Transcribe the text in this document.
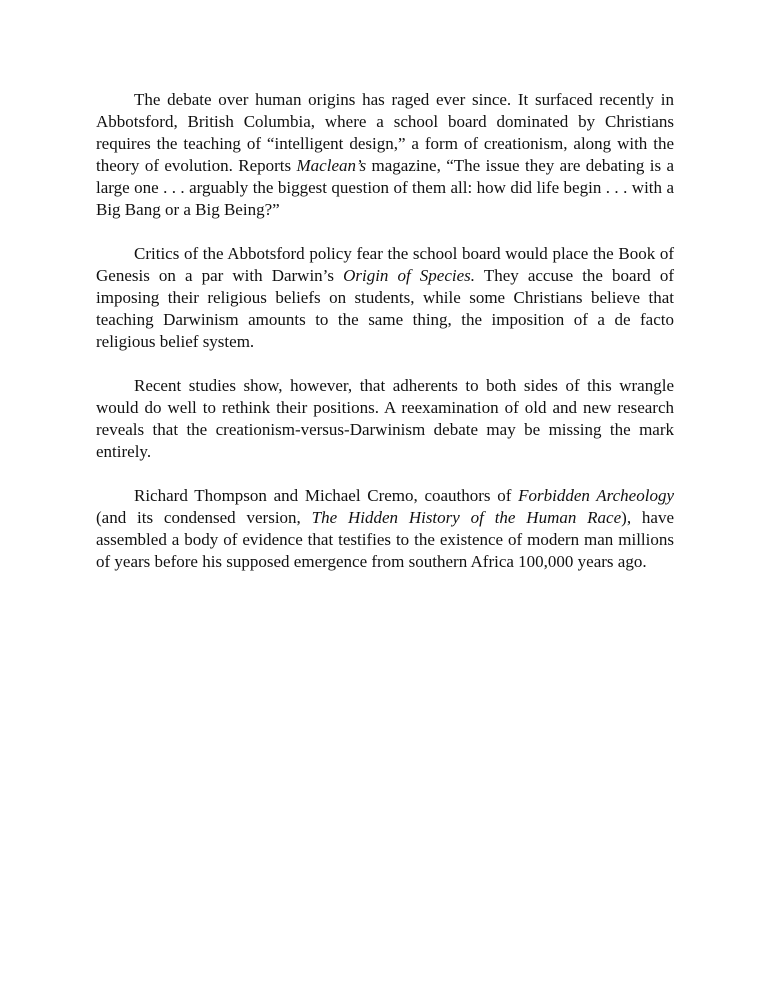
The debate over human origins has raged ever since. It surfaced recently in Abbotsford, British Columbia, where a school board dominated by Christians requires the teaching of “intelligent design,” a form of creationism, along with the theory of evolution. Reports Maclean’s magazine, “The issue they are debating is a large one . . . arguably the biggest question of them all: how did life begin . . . with a Big Bang or a Big Being?”

Critics of the Abbotsford policy fear the school board would place the Book of Genesis on a par with Darwin’s Origin of Species. They accuse the board of imposing their religious beliefs on students, while some Christians believe that teaching Darwinism amounts to the same thing, the imposition of a de facto religious belief system.

Recent studies show, however, that adherents to both sides of this wrangle would do well to rethink their positions. A reexamination of old and new research reveals that the creationism-versus-Darwinism debate may be missing the mark entirely.

Richard Thompson and Michael Cremo, coauthors of Forbidden Archeology (and its condensed version, The Hidden History of the Human Race), have assembled a body of evidence that testifies to the existence of modern man millions of years before his supposed emergence from southern Africa 100,000 years ago.
